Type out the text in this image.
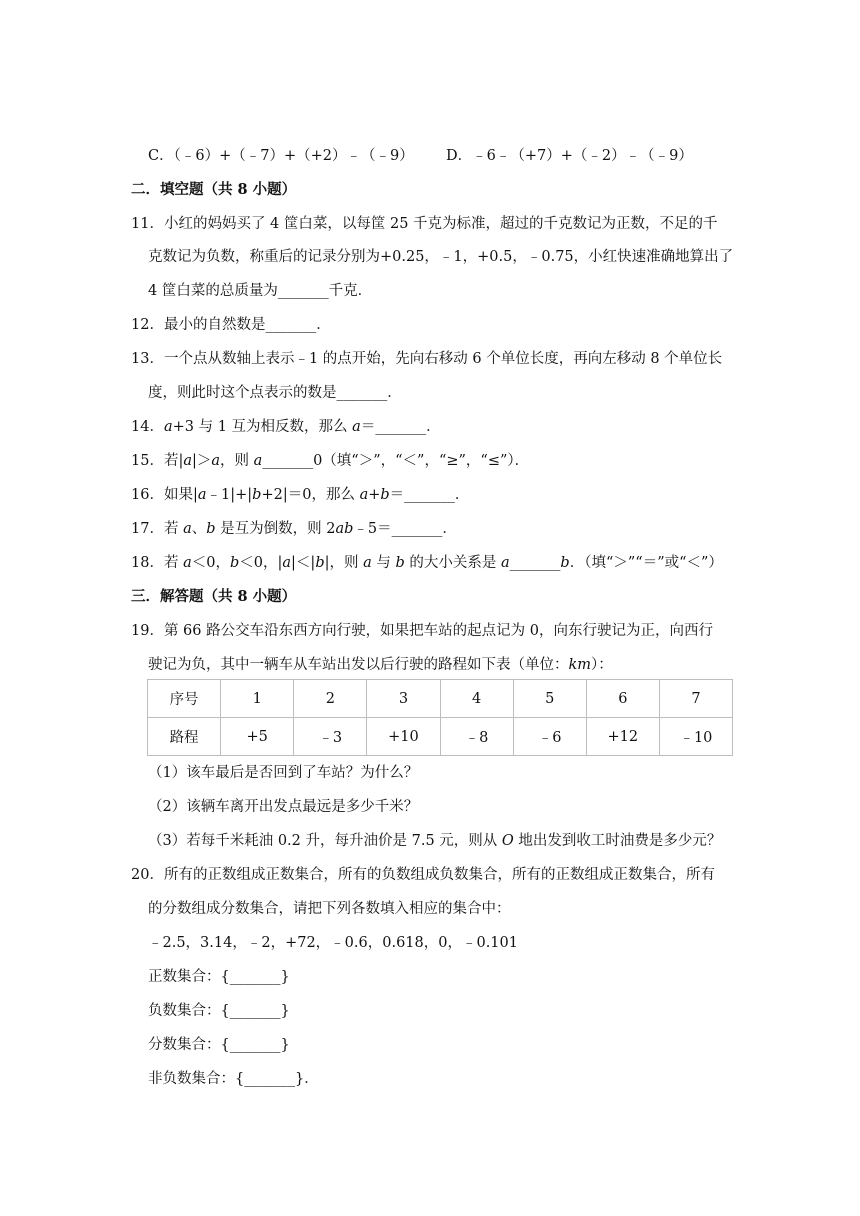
C．（﹣6）+（﹣7）+（+2）﹣（﹣9） D．﹣6﹣（+7）+（﹣2）﹣（﹣9）
二．填空题（共 8 小题）
11．小红的妈妈买了 4 筐白菜，以每筐 25 千克为标准，超过的千克数记为正数，不足的千
克数记为负数，称重后的记录分别为+0.25，﹣1，+0.5，﹣0.75，小红快速准确地算出了
4 筐白菜的总质量为_______千克．
12．最小的自然数是_______．
13．一个点从数轴上表示﹣1 的点开始，先向右移动 6 个单位长度，再向左移动 8 个单位长
度，则此时这个点表示的数是_______．
14．a+3 与 1 互为相反数，那么 a＝_______．
15．若|a|＞a，则 a_______0（填“＞”，“＜”，“≥”，“≤”）．
16．如果|a﹣1|+|b+2|＝0，那么 a+b＝_______．
17．若 a、b 是互为倒数，则 2ab﹣5＝_______．
18．若 a＜0，b＜0，|a|＜|b|，则 a 与 b 的大小关系是 a_______b．（填“＞”“＝”或“＜”）
三．解答题（共 8 小题）
19．第 66 路公交车沿东西方向行驶，如果把车站的起点记为 0，向东行驶记为正，向西行
驶记为负，其中一辆车从车站出发以后行驶的路程如下表（单位：km）：
序号	1	2	3	4	5	6	7
路程	+5	﹣3	+10	﹣8	﹣6	+12	﹣10
（1）该车最后是否回到了车站？为什么？
（2）该辆车离开出发点最远是多少千米？
（3）若每千米耗油 0.2 升，每升油价是 7.5 元，则从 O 地出发到收工时油费是多少元？
20．所有的正数组成正数集合，所有的负数组成负数集合，所有的正数组成正数集合，所有
的分数组成分数集合，请把下列各数填入相应的集合中：
﹣2.5，3.14，﹣2，+72，﹣0.6，0.618，0，﹣0.101
正数集合：{_______}
负数集合：{_______}
分数集合：{_______}
非负数集合：{_______}．
